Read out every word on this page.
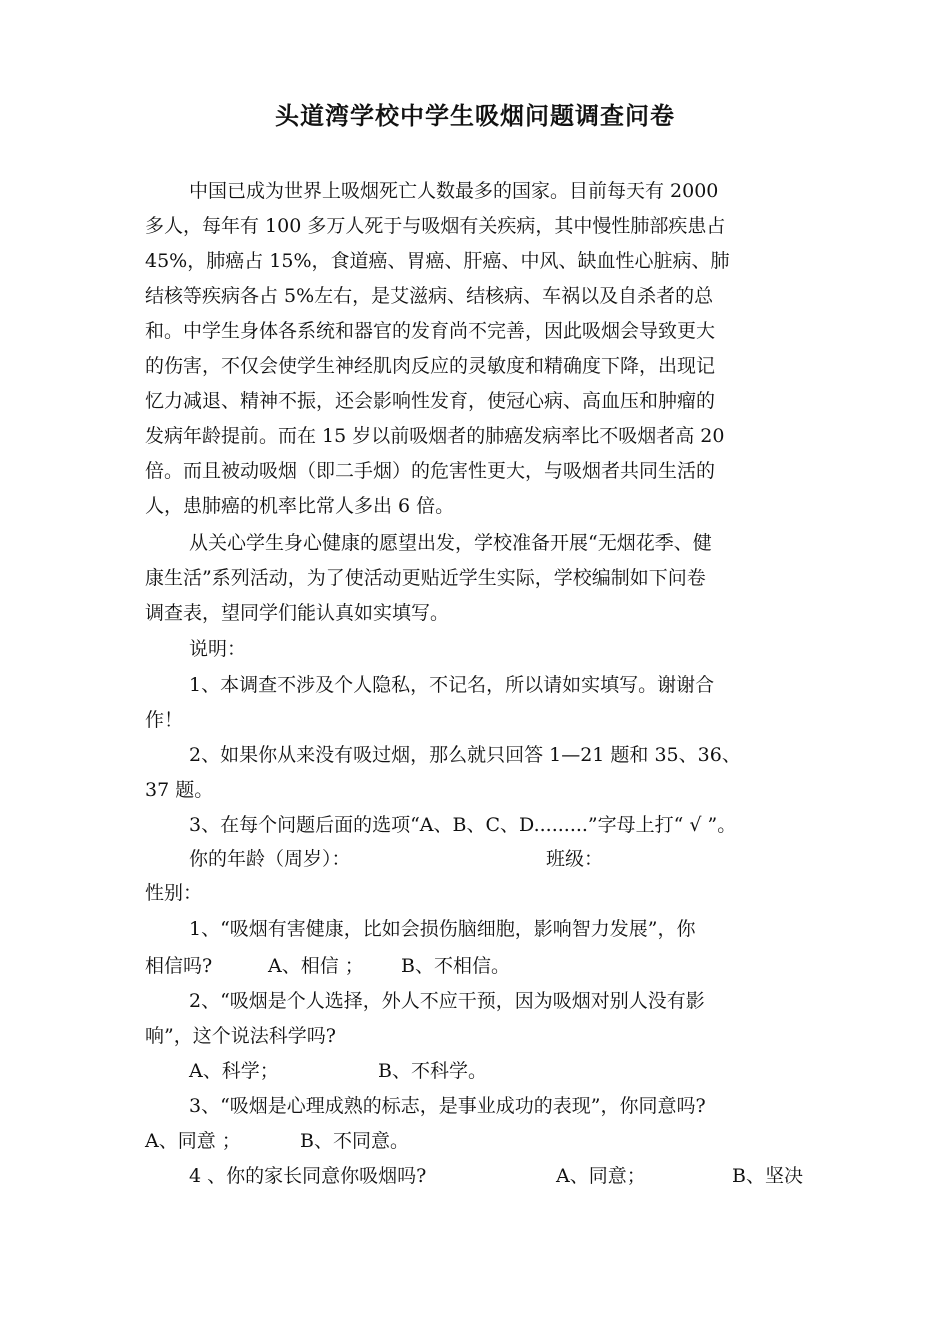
头道湾学校中学生吸烟问题调查问卷
中国已成为世界上吸烟死亡人数最多的国家。目前每天有 2000
多人，每年有 100 多万人死于与吸烟有关疾病，其中慢性肺部疾患占
45%，肺癌占 15%，食道癌、胃癌、肝癌、中风、缺血性心脏病、肺
结核等疾病各占 5%左右，是艾滋病、结核病、车祸以及自杀者的总
和。中学生身体各系统和器官的发育尚不完善，因此吸烟会导致更大
的伤害，不仅会使学生神经肌肉反应的灵敏度和精确度下降，出现记
忆力减退、精神不振，还会影响性发育，使冠心病、高血压和肿瘤的
发病年龄提前。而在 15 岁以前吸烟者的肺癌发病率比不吸烟者高 20
倍。而且被动吸烟（即二手烟）的危害性更大，与吸烟者共同生活的
人，患肺癌的机率比常人多出 6 倍。
从关心学生身心健康的愿望出发，学校准备开展“无烟花季、健
康生活”系列活动，为了使活动更贴近学生实际，学校编制如下问卷
调查表，望同学们能认真如实填写。
说明：
1、本调查不涉及个人隐私，不记名，所以请如实填写。谢谢合
作！
2、如果你从来没有吸过烟，那么就只回答 1—21 题和 35、36、
37 题。
3、在每个问题后面的选项“A、B、C、D.........”字母上打“ √ ”。
你的年龄（周岁）：	班级：
性别：
1、“吸烟有害健康，比如会损伤脑细胞，影响智力发展”，你
相信吗?	A、相信 ； B、不相信。
2、“吸烟是个人选择，外人不应干预，因为吸烟对别人没有影
响”，这个说法科学吗?
A、科学；	B、不科学。
3、“吸烟是心理成熟的标志，是事业成功的表现”，你同意吗?
A、同意 ；	B、不同意。
4 、你的家长同意你吸烟吗?	A、同意；	B、坚决
